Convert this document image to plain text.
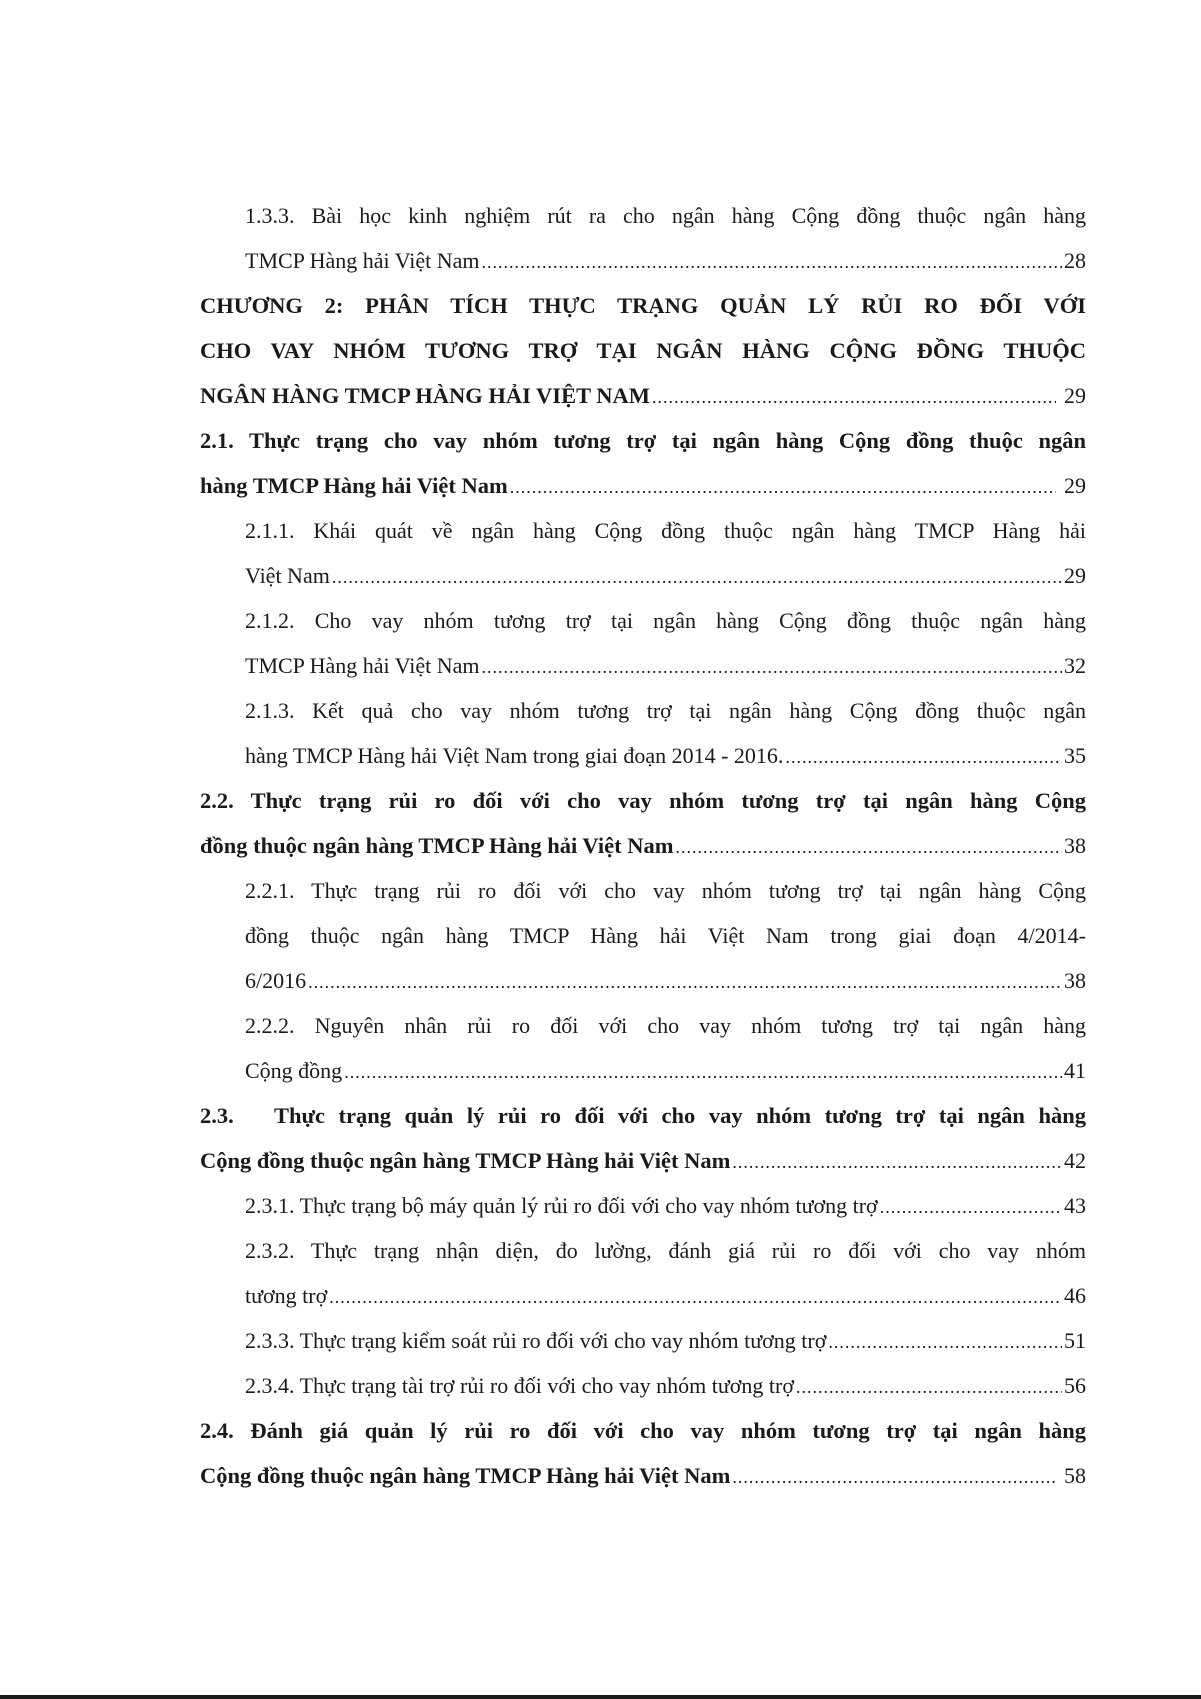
1.3.3. Bài học kinh nghiệm rút ra cho ngân hàng Cộng đồng thuộc ngân hàng
TMCP Hàng hải Việt Nam .....	28
CHƯƠNG 2: PHÂN TÍCH THỰC TRẠNG QUẢN LÝ RỦI RO ĐỐI VỚI
CHO VAY NHÓM TƯƠNG TRỢ TẠI NGÂN HÀNG CỘNG ĐỒNG THUỘC
NGÂN HÀNG TMCP HÀNG HẢI VIỆT NAM .....	29
2.1. Thực trạng cho vay nhóm tương trợ tại ngân hàng Cộng đồng thuộc ngân
hàng TMCP Hàng hải Việt Nam .....	29
2.1.1. Khái quát về ngân hàng Cộng đồng thuộc ngân hàng TMCP Hàng hải
Việt Nam .....	29
2.1.2. Cho vay nhóm tương trợ tại ngân hàng Cộng đồng thuộc ngân hàng
TMCP Hàng hải Việt Nam .....	32
2.1.3. Kết quả cho vay nhóm tương trợ tại ngân hàng Cộng đồng thuộc ngân
hàng TMCP Hàng hải Việt Nam trong giai đoạn 2014 - 2016. .....	35
2.2. Thực trạng rủi ro đối với cho vay nhóm tương trợ tại ngân hàng Cộng
đồng thuộc ngân hàng TMCP Hàng hải Việt Nam .....	38
2.2.1. Thực trạng rủi ro đối với cho vay nhóm tương trợ tại ngân hàng Cộng
đồng thuộc ngân hàng TMCP Hàng hải Việt Nam trong giai đoạn 4/2014-
6/2016 .....	38
2.2.2. Nguyên nhân rủi ro đối với cho vay nhóm tương trợ tại ngân hàng
Cộng đồng .....	41
2.3.   Thực trạng quản lý rủi ro đối với cho vay nhóm tương trợ tại ngân hàng
Cộng đồng thuộc ngân hàng TMCP Hàng hải Việt Nam .....	42
2.3.1. Thực trạng bộ máy quản lý rủi ro đối với cho vay nhóm tương trợ .....	43
2.3.2. Thực trạng nhận diện, đo lường, đánh giá rủi ro đối với cho vay nhóm
tương trợ .....	46
2.3.3. Thực trạng kiểm soát rủi ro đối với cho vay nhóm tương trợ .....	51
2.3.4. Thực trạng tài trợ rủi ro đối với cho vay nhóm tương trợ .....	56
2.4. Đánh giá quản lý rủi ro đối với cho vay nhóm tương trợ tại ngân hàng
Cộng đồng thuộc ngân hàng TMCP Hàng hải Việt Nam .....	58
